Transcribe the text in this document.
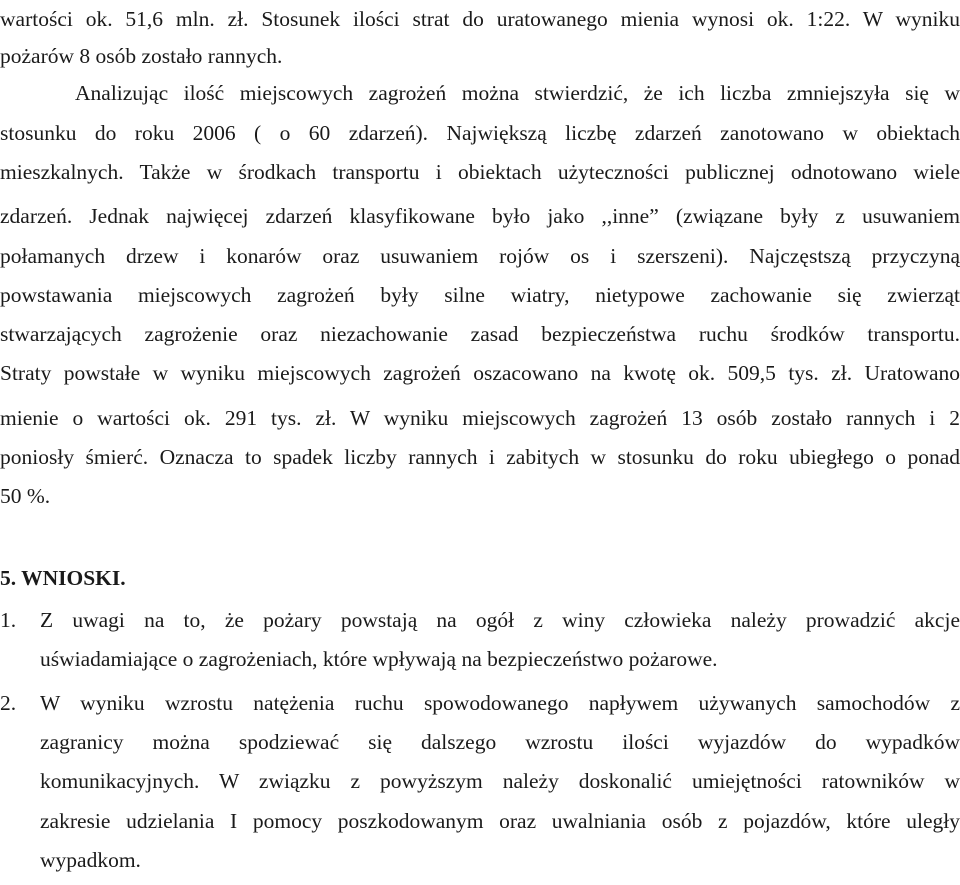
wartości ok. 51,6 mln. zł. Stosunek ilości strat do uratowanego mienia wynosi ok. 1:22. W wyniku
pożarów 8 osób zostało rannych.
Analizując ilość miejscowych zagrożeń można stwierdzić, że ich liczba zmniejszyła się w
stosunku do roku 2006 ( o 60 zdarzeń). Największą liczbę zdarzeń zanotowano w obiektach
mieszkalnych. Także w środkach transportu i obiektach użyteczności publicznej odnotowano wiele
zdarzeń. Jednak najwięcej zdarzeń klasyfikowane było jako ,,inne” (związane były z usuwaniem
połamanych drzew i konarów oraz usuwaniem rojów os i szerszeni). Najczęstszą przyczyną
powstawania miejscowych zagrożeń były silne wiatry, nietypowe zachowanie się zwierząt
stwarzających zagrożenie oraz niezachowanie zasad bezpieczeństwa ruchu środków transportu.
Straty powstałe w wyniku miejscowych zagrożeń oszacowano na kwotę ok. 509,5 tys. zł. Uratowano
mienie o wartości ok. 291 tys. zł. W wyniku miejscowych zagrożeń 13 osób zostało rannych i 2
poniosły śmierć. Oznacza to spadek liczby rannych i zabitych w stosunku do roku ubiegłego o ponad
50 %.
5. WNIOSKI.
1.	Z uwagi na to, że pożary powstają na ogół z winy człowieka należy prowadzić akcje
uświadamiające o zagrożeniach, które wpływają na bezpieczeństwo pożarowe.
2.	W wyniku wzrostu natężenia ruchu spowodowanego napływem używanych samochodów z
zagranicy można spodziewać się dalszego wzrostu ilości wyjazdów do wypadków
komunikacyjnych. W związku z powyższym należy doskonalić umiejętności ratowników w
zakresie udzielania I pomocy poszkodowanym oraz uwalniania osób z pojazdów, które uległy
wypadkom.
